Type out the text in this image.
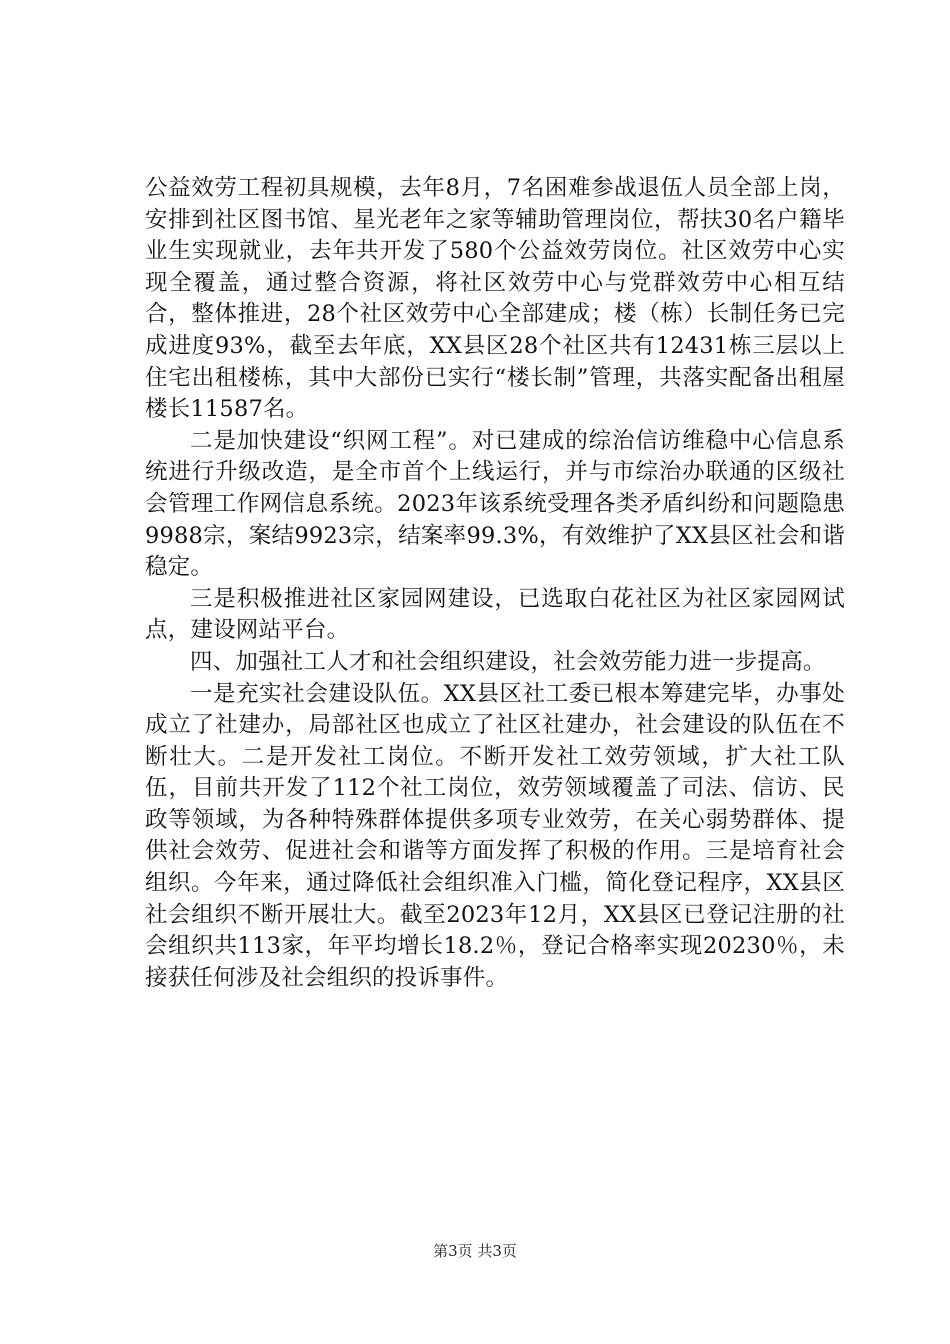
公益效劳工程初具规模，去年8月，7名困难参战退伍人员全部上岗，安排到社区图书馆、星光老年之家等辅助管理岗位，帮扶30名户籍毕业生实现就业，去年共开发了580个公益效劳岗位。社区效劳中心实现全覆盖，通过整合资源，将社区效劳中心与党群效劳中心相互结合，整体推进，28个社区效劳中心全部建成；楼（栋）长制任务已完成进度93%，截至去年底，XX县区28个社区共有12431栋三层以上住宅出租楼栋，其中大部份已实行“楼长制”管理，共落实配备出租屋楼长11587名。

二是加快建设“织网工程”。对已建成的综治信访维稳中心信息系统进行升级改造，是全市首个上线运行，并与市综治办联通的区级社会管理工作网信息系统。2023年该系统受理各类矛盾纠纷和问题隐患9988宗，案结9923宗，结案率99.3%，有效维护了XX县区社会和谐稳定。

三是积极推进社区家园网建设，已选取白花社区为社区家园网试点，建设网站平台。

四、加强社工人才和社会组织建设，社会效劳能力进一步提高。

一是充实社会建设队伍。XX县区社工委已根本筹建完毕，办事处成立了社建办，局部社区也成立了社区社建办，社会建设的队伍在不断壮大。二是开发社工岗位。不断开发社工效劳领域，扩大社工队伍，目前共开发了112个社工岗位，效劳领域覆盖了司法、信访、民政等领域，为各种特殊群体提供多项专业效劳，在关心弱势群体、提供社会效劳、促进社会和谐等方面发挥了积极的作用。三是培育社会组织。今年来，通过降低社会组织准入门槛，简化登记程序，XX县区社会组织不断开展壮大。截至2023年12月，XX县区已登记注册的社会组织共113家，年平均增长18.2％，登记合格率实现20230％，未接获任何涉及社会组织的投诉事件。

第3页 共3页
